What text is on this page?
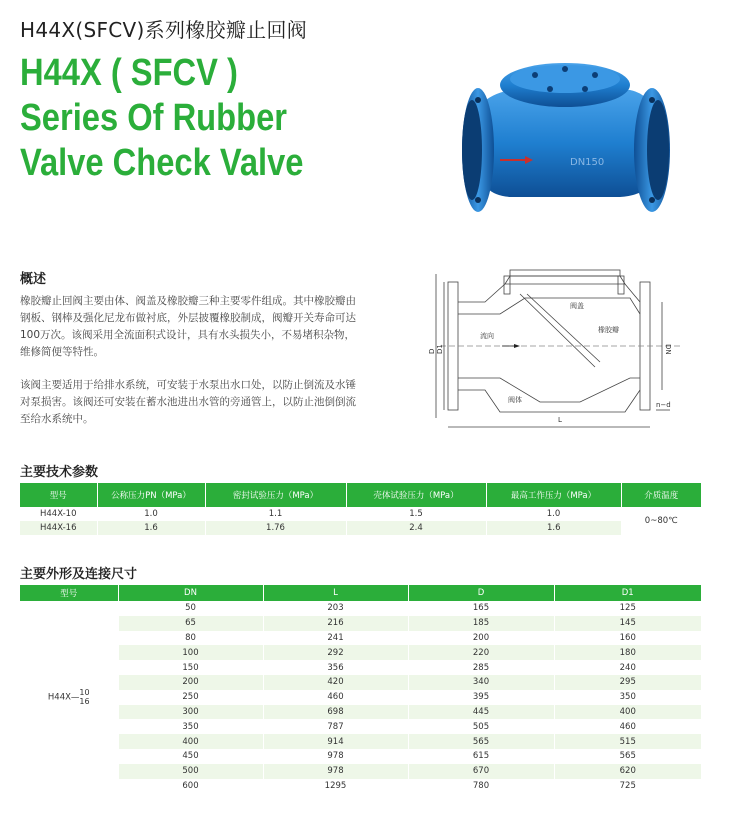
H44X(SFCV)系列橡胶瓣止回阀
H44X ( SFCV )
Series Of Rubber
Valve Check Valve	DN150
概述
橡胶瓣止回阀主要由体、阀盖及橡胶瓣三种主要零件组成。其中橡胶瓣由钢板、钢棒及强化尼龙布做衬底，外层披覆橡胶制成，阀瓣开关寿命可达100万次。该阀采用全流面积式设计，具有水头损失小，不易堵积杂物，维修简便等特性。
该阀主要适用于给排水系统，可安装于水泵出水口处，以防止倒流及水锤对泵损害。该阀还可安装在蓄水池进出水管的旁通管上，以防止池倒倒流至给水系统中。
阀盖
橡胶瓣
流向
阀体
D D1	DN
L
n−d
主要技术参数
型号	公称压力PN（MPa）	密封试验压力（MPa）	壳体试验压力（MPa）	最高工作压力（MPa）	介质温度
H44X-10	1.0	1.1	1.5	1.0	0~80℃
H44X-16	1.6	1.76	2.4	1.6	
主要外形及连接尺寸
型号	DN	L	D	D1
H44X— 10
16	50	203	165	125
	65	216	185	145
	80	241	200	160
	100	292	220	180
	150	356	285	240
	200	420	340	295
	250	460	395	350
	300	698	445	400
	350	787	505	460
	400	914	565	515
	450	978	615	565
	500	978	670	620
	600	1295	780	725
